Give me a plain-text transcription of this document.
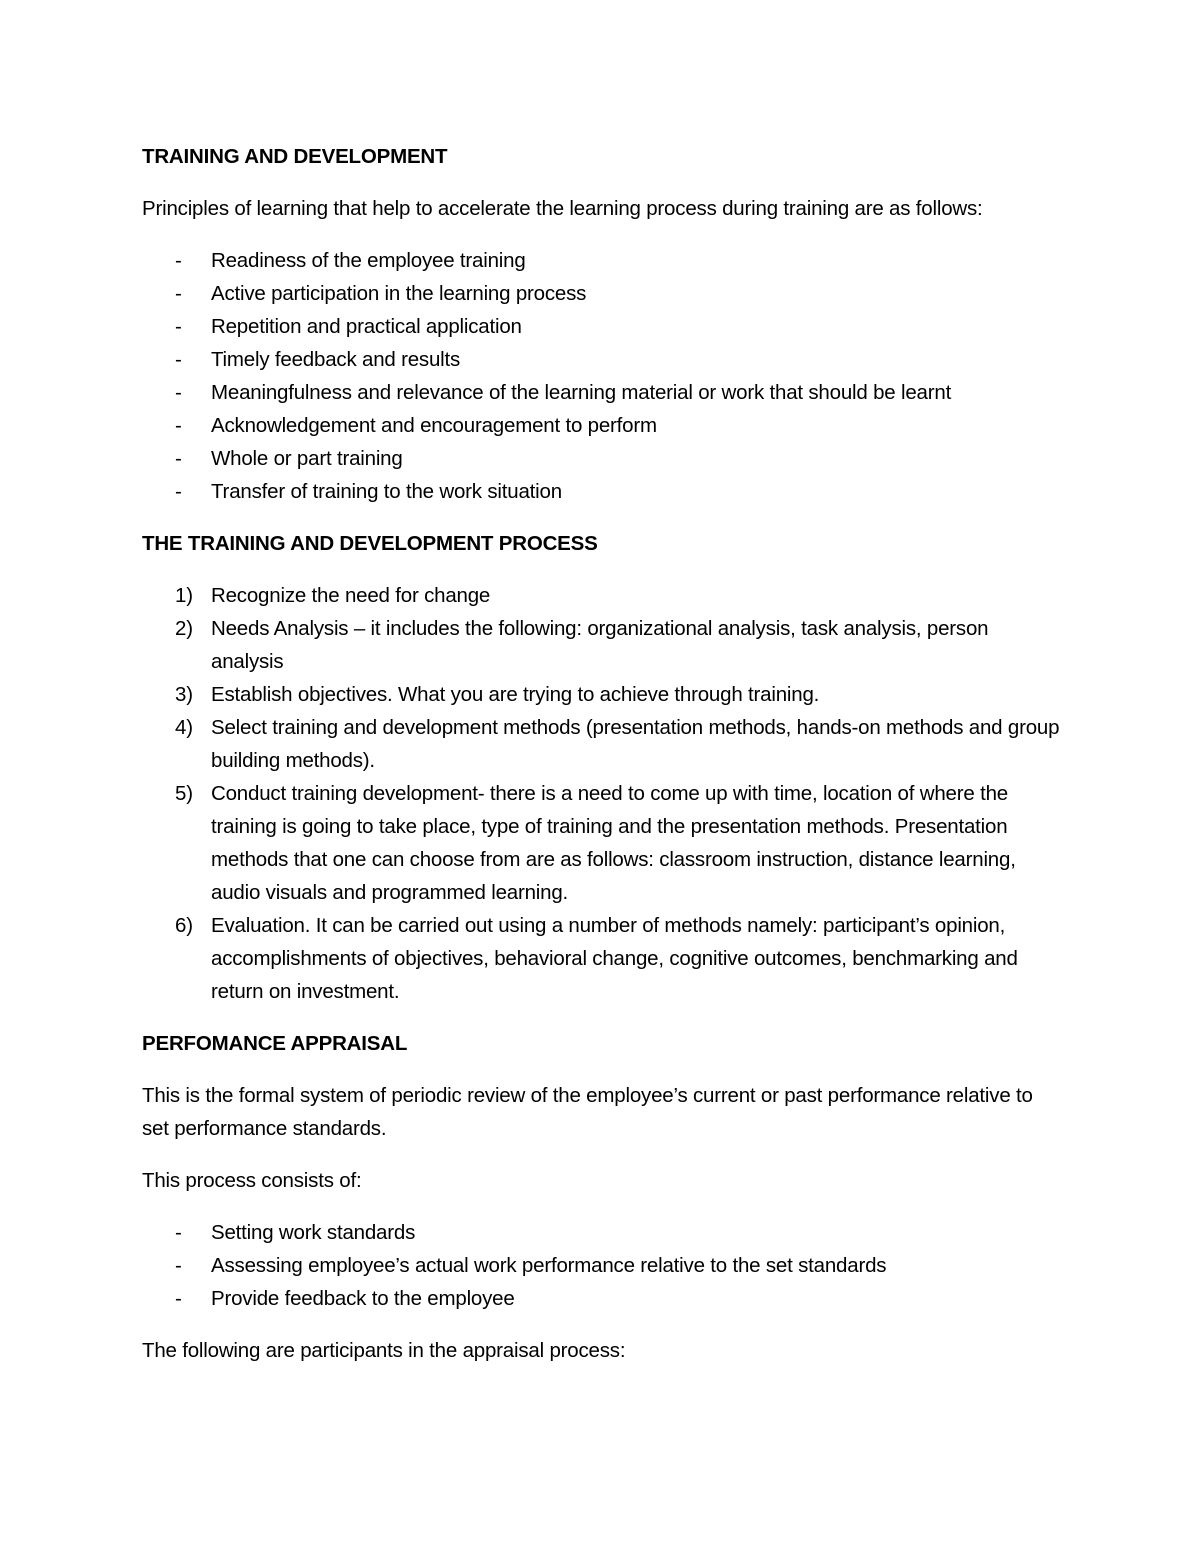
TRAINING AND DEVELOPMENT

Principles of learning that help to accelerate the learning process during training are as follows:

- Readiness of the employee training
- Active participation in the learning process
- Repetition and practical application
- Timely feedback and results
- Meaningfulness and relevance of the learning material or work that should be learnt
- Acknowledgement and encouragement to perform
- Whole or part training
- Transfer of training to the work situation

THE TRAINING AND DEVELOPMENT PROCESS

1) Recognize the need for change
2) Needs Analysis – it includes the following: organizational analysis, task analysis, person analysis
3) Establish objectives. What you are trying to achieve through training.
4) Select training and development methods (presentation methods, hands-on methods and group building methods).
5) Conduct training development- there is a need to come up with time, location of where the training is going to take place, type of training and the presentation methods. Presentation methods that one can choose from are as follows: classroom instruction, distance learning, audio visuals and programmed learning.
6) Evaluation. It can be carried out using a number of methods namely: participant’s opinion, accomplishments of objectives, behavioral change, cognitive outcomes, benchmarking and return on investment.

PERFOMANCE APPRAISAL

This is the formal system of periodic review of the employee’s current or past performance relative to set performance standards.

This process consists of:

- Setting work standards
- Assessing employee’s actual work performance relative to the set standards
- Provide feedback to the employee

The following are participants in the appraisal process:
